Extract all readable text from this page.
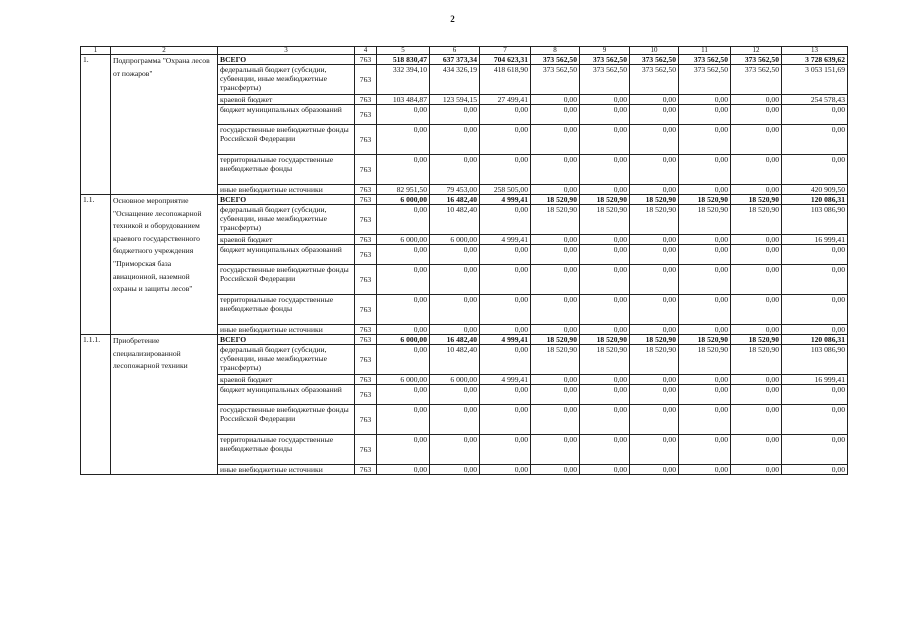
2
1	2	3	4	5	6	7	8	9	10	11	12	13
1.	Подпрограмма "Охрана лесов от пожаров"	ВСЕГО	763	518 830,47	637 373,34	704 623,31	373 562,50	373 562,50	373 562,50	373 562,50	373 562,50	3 728 639,62
		федеральный бюджет (субсидии, субвенции, иные межбюджетные трансферты)	763	332 394,10	434 326,19	418 618,90	373 562,50	373 562,50	373 562,50	373 562,50	373 562,50	3 053 151,69
		краевой бюджет	763	103 484,87	123 594,15	27 499,41	0,00	0,00	0,00	0,00	0,00	254 578,43
		бюджет муниципальных образований	763	0,00	0,00	0,00	0,00	0,00	0,00	0,00	0,00	0,00
		государственные внебюджетные фонды Российской Федерации	763	0,00	0,00	0,00	0,00	0,00	0,00	0,00	0,00	0,00
		территориальные государственные внебюджетные фонды	763	0,00	0,00	0,00	0,00	0,00	0,00	0,00	0,00	0,00
		иные внебюджетные источники	763	82 951,50	79 453,00	258 505,00	0,00	0,00	0,00	0,00	0,00	420 909,50
1.1.	Основное мероприятие "Оснащение лесопожарной техникой и оборудованием краевого государственного бюджетного учреждения "Приморская база авиационной, наземной охраны и защиты лесов"	ВСЕГО	763	6 000,00	16 482,40	4 999,41	18 520,90	18 520,90	18 520,90	18 520,90	18 520,90	120 086,31
		федеральный бюджет (субсидии, субвенции, иные межбюджетные трансферты)	763	0,00	10 482,40	0,00	18 520,90	18 520,90	18 520,90	18 520,90	18 520,90	103 086,90
		краевой бюджет	763	6 000,00	6 000,00	4 999,41	0,00	0,00	0,00	0,00	0,00	16 999,41
		бюджет муниципальных образований	763	0,00	0,00	0,00	0,00	0,00	0,00	0,00	0,00	0,00
		государственные внебюджетные фонды Российской Федерации	763	0,00	0,00	0,00	0,00	0,00	0,00	0,00	0,00	0,00
		территориальные государственные внебюджетные фонды	763	0,00	0,00	0,00	0,00	0,00	0,00	0,00	0,00	0,00
		иные внебюджетные источники	763	0,00	0,00	0,00	0,00	0,00	0,00	0,00	0,00	0,00
1.1.1.	Приобретение специализированной лесопожарной техники	ВСЕГО	763	6 000,00	16 482,40	4 999,41	18 520,90	18 520,90	18 520,90	18 520,90	18 520,90	120 086,31
		федеральный бюджет (субсидии, субвенции, иные межбюджетные трансферты)	763	0,00	10 482,40	0,00	18 520,90	18 520,90	18 520,90	18 520,90	18 520,90	103 086,90
		краевой бюджет	763	6 000,00	6 000,00	4 999,41	0,00	0,00	0,00	0,00	0,00	16 999,41
		бюджет муниципальных образований	763	0,00	0,00	0,00	0,00	0,00	0,00	0,00	0,00	0,00
		государственные внебюджетные фонды Российской Федерации	763	0,00	0,00	0,00	0,00	0,00	0,00	0,00	0,00	0,00
		территориальные государственные внебюджетные фонды	763	0,00	0,00	0,00	0,00	0,00	0,00	0,00	0,00	0,00
		иные внебюджетные источники	763	0,00	0,00	0,00	0,00	0,00	0,00	0,00	0,00	0,00
